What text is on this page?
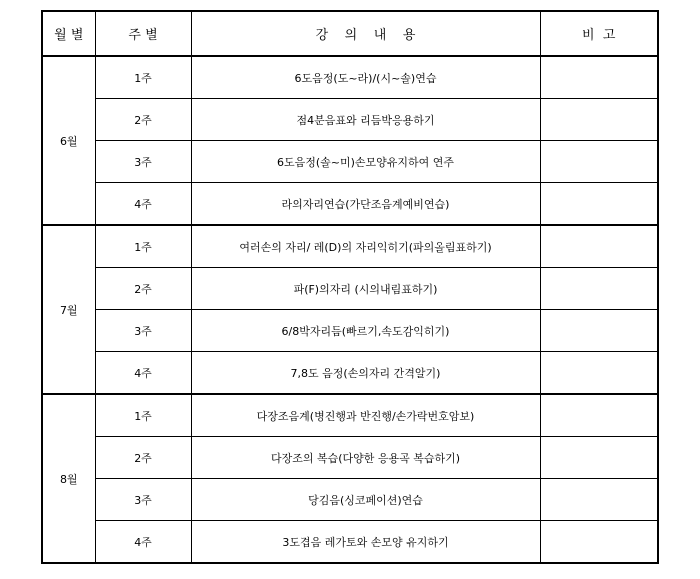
월 별	주 별	강    의    내    용	비  고
6월	1주	6도음정(도~라)/(시~솔)연습	
	2주	점4분음표와 리듬박응용하기	
	3주	6도음정(솔~미)손모양유지하여 연주	
	4주	라의자리연습(가단조음계예비연습)	
7월	1주	여러손의 자리/ 레(D)의 자리익히기(파의올림표하기)	
	2주	파(F)의자리 (시의내림표하기)	
	3주	6/8박자리듬(빠르기,속도감익히기)	
	4주	7,8도 음정(손의자리 간격알기)	
8월	1주	다장조음계(병진행과 반진행/손가락번호암보)	
	2주	다장조의 복습(다양한 응용곡 복습하기)	
	3주	당김음(싱코페이션)연습	
	4주	3도겹음 레가토와 손모양 유지하기	
